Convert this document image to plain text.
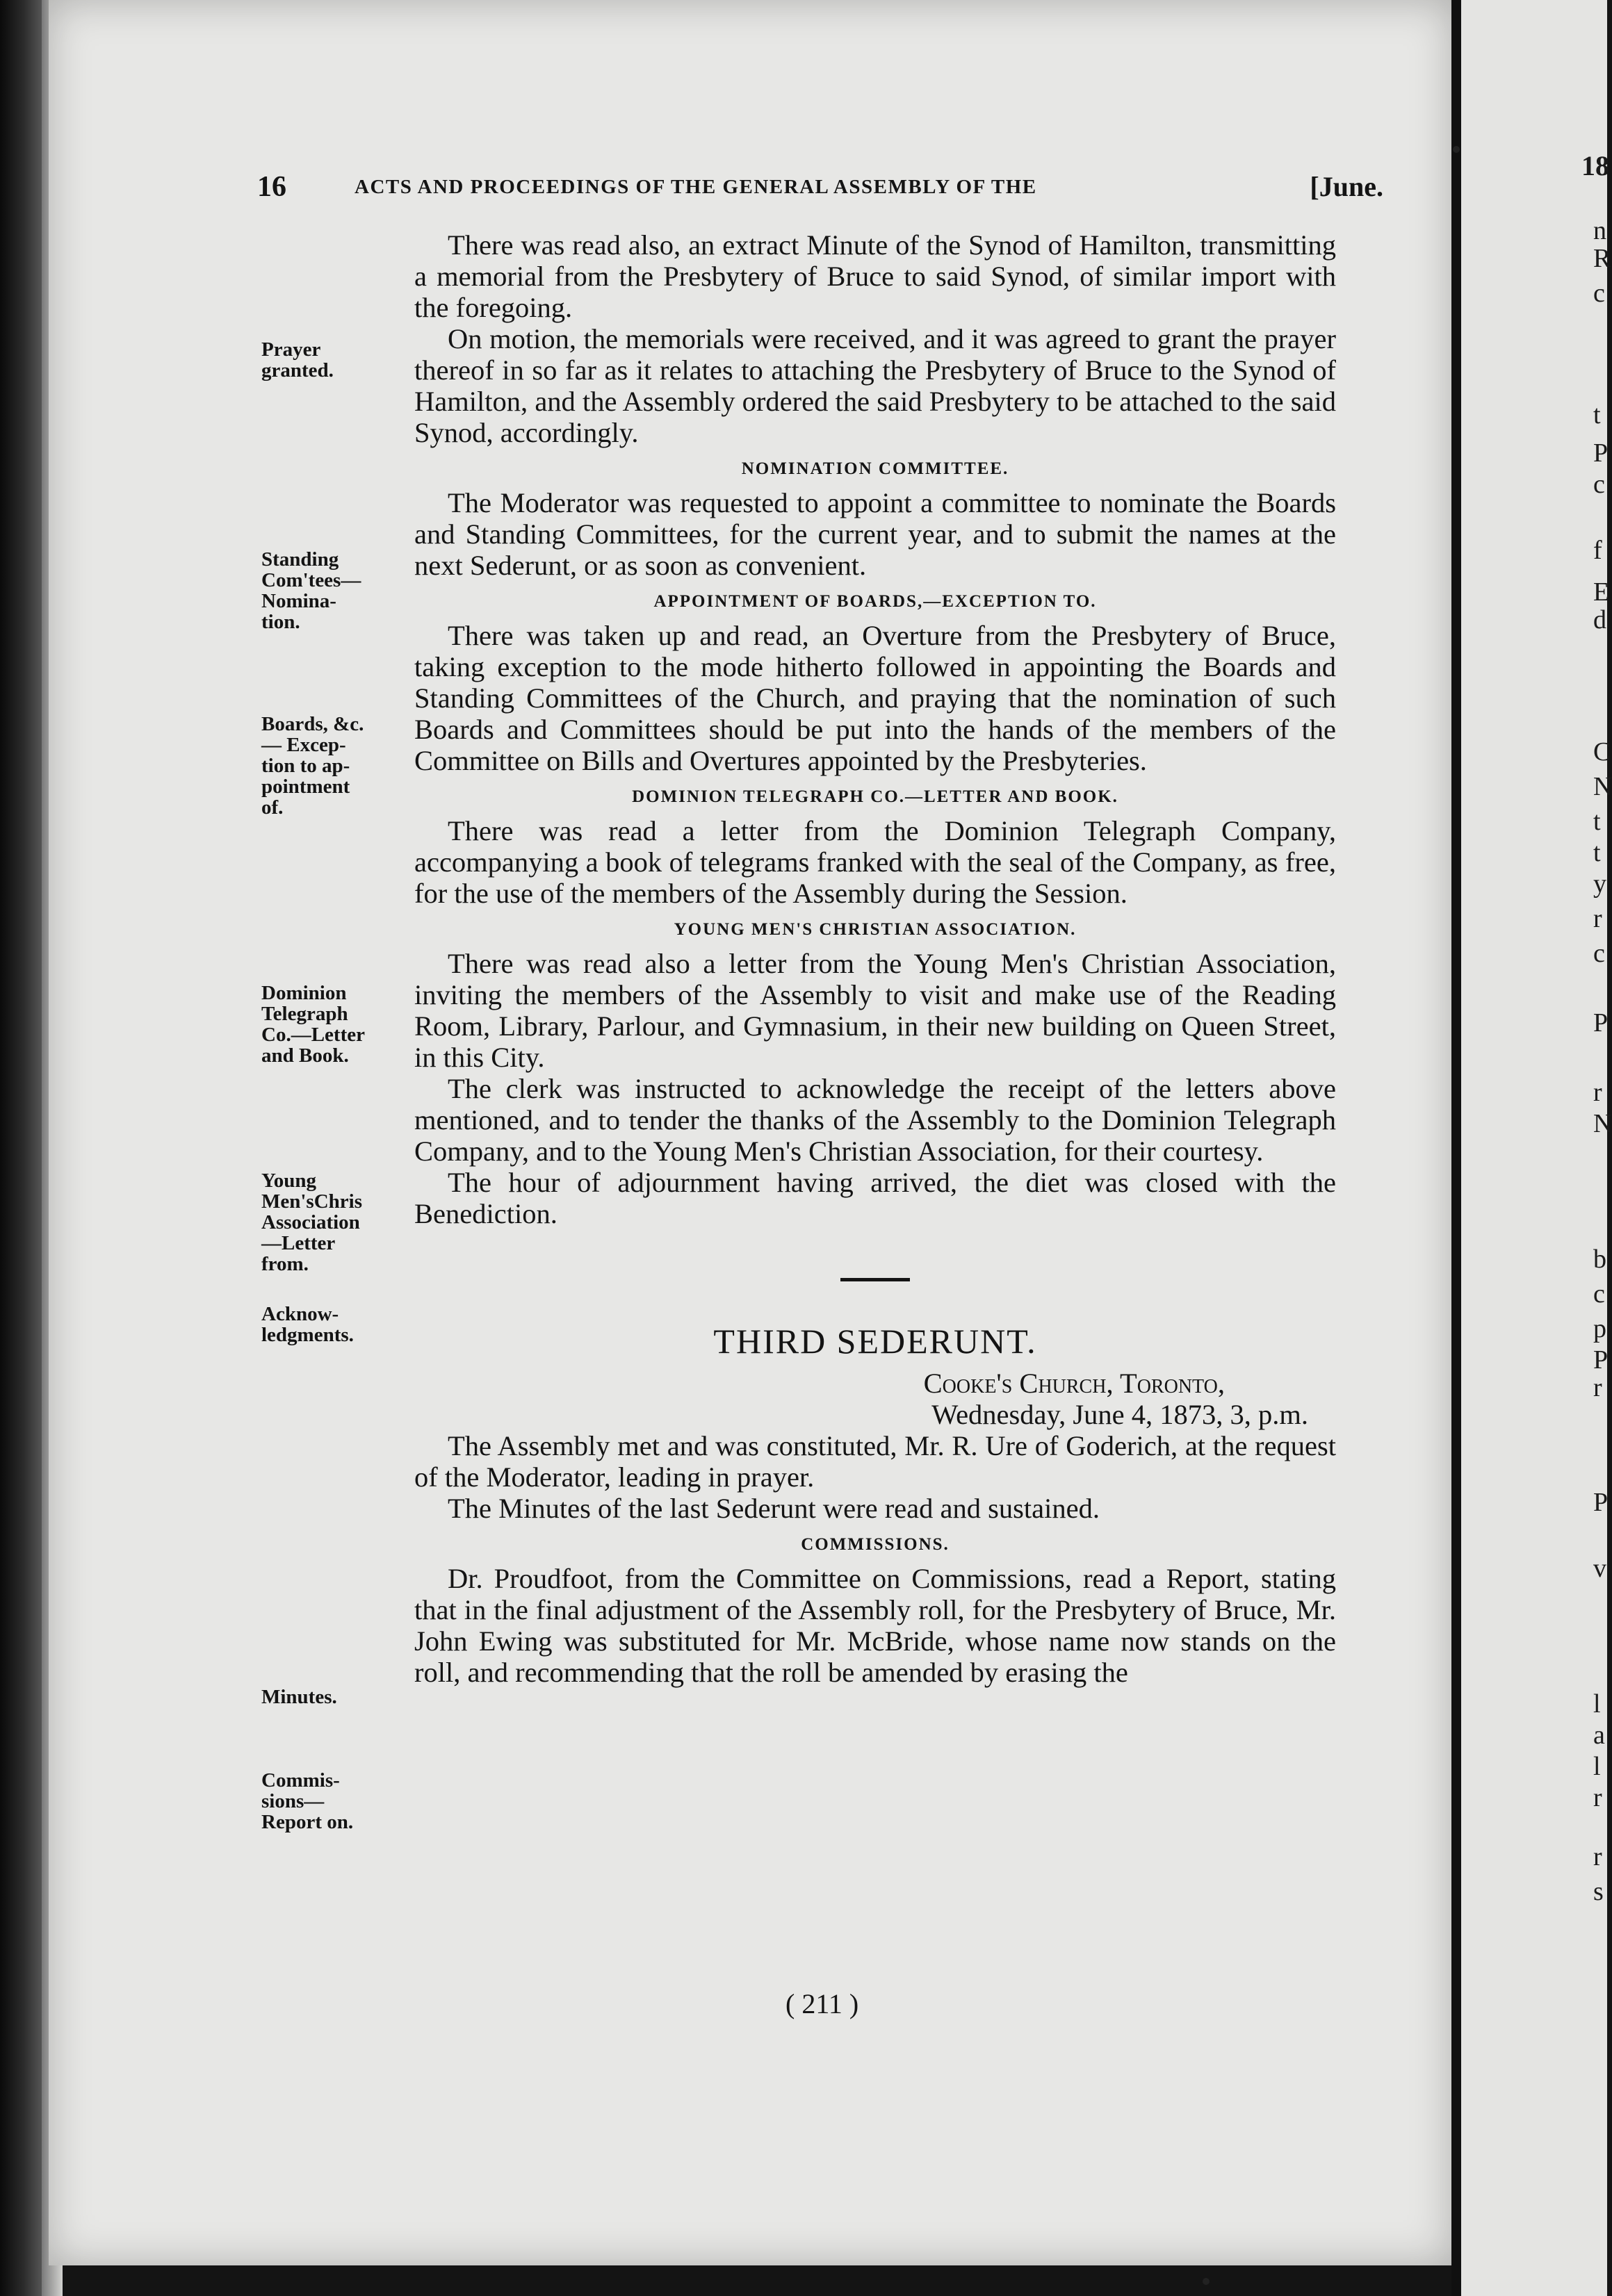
18
n
R
c
t
P
c
f
E
d
C
N
t
t
y
r
c
P
r
N
b
c
p
P
r
P
v
l
a
l
r
r
s
16	ACTS AND PROCEEDINGS OF THE GENERAL ASSEMBLY OF THE	[June.
Prayer
granted.
Standing
Com'tees—
Nomina-
tion.
Boards, &c.
— Excep-
tion to ap-
pointment
of.
Dominion
Telegraph
Co.—Letter
and Book.
Young
Men'sChris
Association
—Letter
from.
Acknow-
ledgments.
Minutes.
Commis-
sions—
Report on.

There was read also, an extract Minute of the Synod of Hamilton, transmitting a memorial from the Presbytery of Bruce to said Synod, of similar import with the foregoing.

On motion, the memorials were received, and it was agreed to grant the prayer thereof in so far as it relates to attaching the Presbytery of Bruce to the Synod of Hamilton, and the Assembly ordered the said Presbytery to be attached to the said Synod, accordingly.

NOMINATION COMMITTEE.

The Moderator was requested to appoint a committee to nominate the Boards and Standing Committees, for the current year, and to submit the names at the next Sederunt, or as soon as convenient.

APPOINTMENT OF BOARDS,—EXCEPTION TO.

There was taken up and read, an Overture from the Presbytery of Bruce, taking exception to the mode hitherto followed in appointing the Boards and Standing Committees of the Church, and praying that the nomination of such Boards and Committees should be put into the hands of the members of the Committee on Bills and Overtures appointed by the Presbyteries.

DOMINION TELEGRAPH CO.—LETTER AND BOOK.

There was read a letter from the Dominion Telegraph Company, accompanying a book of telegrams franked with the seal of the Company, as free, for the use of the members of the Assembly during the Session.

YOUNG MEN'S CHRISTIAN ASSOCIATION.

There was read also a letter from the Young Men's Christian Association, inviting the members of the Assembly to visit and make use of the Reading Room, Library, Parlour, and Gymnasium, in their new building on Queen Street, in this City.

The clerk was instructed to acknowledge the receipt of the letters above mentioned, and to tender the thanks of the Assembly to the Dominion Telegraph Company, and to the Young Men's Christian Association, for their courtesy.

The hour of adjournment having arrived, the diet was closed with the Benediction.

THIRD SEDERUNT.

Cooke's Church, Toronto,

Wednesday, June 4, 1873, 3, p.m.

The Assembly met and was constituted, Mr. R. Ure of Goderich, at the request of the Moderator, leading in prayer.

The Minutes of the last Sederunt were read and sustained.

COMMISSIONS.

Dr. Proudfoot, from the Committee on Commissions, read a Report, stating that in the final adjustment of the Assembly roll, for the Presbytery of Bruce, Mr. John Ewing was substituted for Mr. McBride, whose name now stands on the roll, and recommending that the roll be amended by erasing the

( 211 )
